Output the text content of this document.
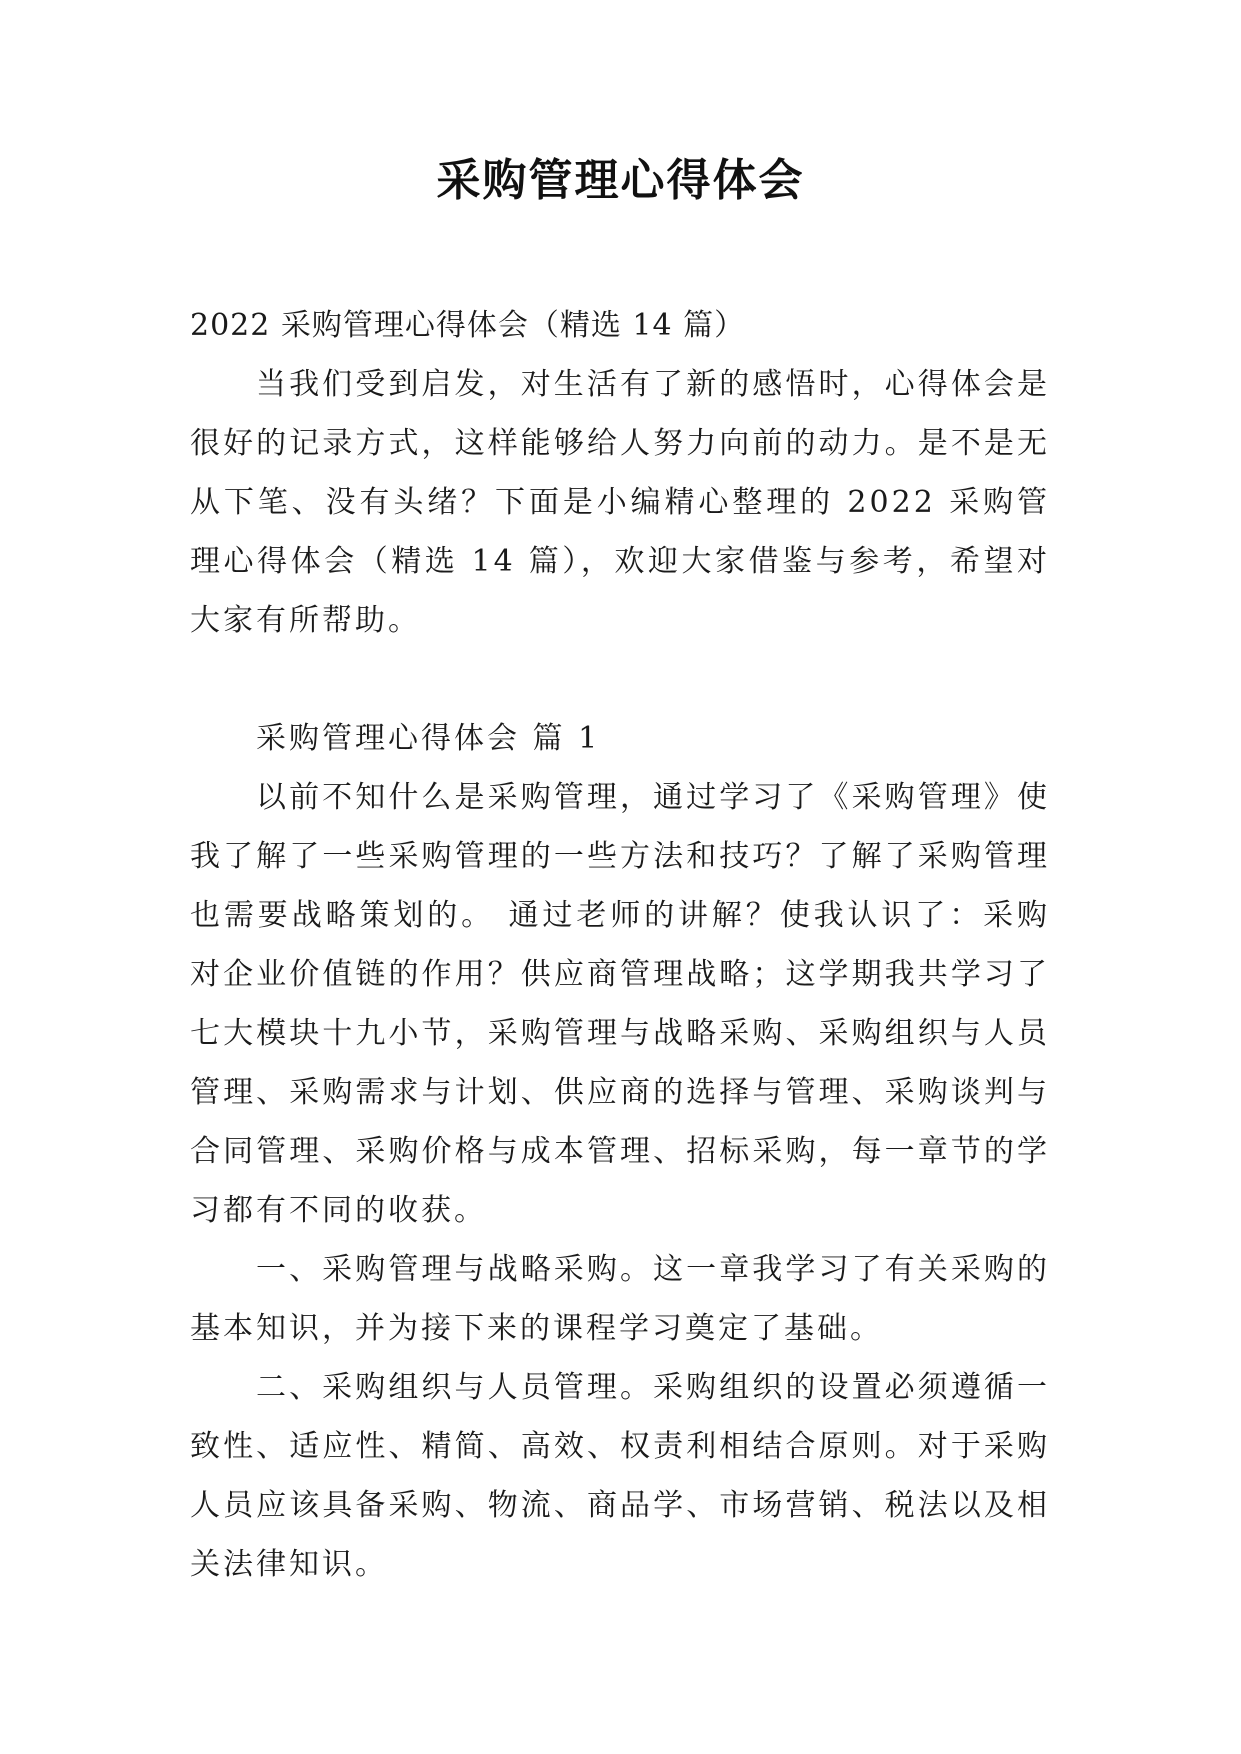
采购管理心得体会

2022 采购管理心得体会（精选 14 篇）

当我们受到启发，对生活有了新的感悟时，心得体会是很好的记录方式，这样能够给人努力向前的动力。是不是无从下笔、没有头绪？下面是小编精心整理的 2022 采购管理心得体会（精选 14 篇），欢迎大家借鉴与参考，希望对大家有所帮助。

采购管理心得体会 篇 1

以前不知什么是采购管理，通过学习了《采购管理》使我了解了一些采购管理的一些方法和技巧？了解了采购管理也需要战略策划的。 通过老师的讲解？使我认识了：采购对企业价值链的作用？供应商管理战略；这学期我共学习了七大模块十九小节，采购管理与战略采购、采购组织与人员管理、采购需求与计划、供应商的选择与管理、采购谈判与合同管理、采购价格与成本管理、招标采购，每一章节的学习都有不同的收获。

一、采购管理与战略采购。这一章我学习了有关采购的基本知识，并为接下来的课程学习奠定了基础。

二、采购组织与人员管理。采购组织的设置必须遵循一致性、适应性、精简、高效、权责利相结合原则。对于采购人员应该具备采购、物流、商品学、市场营销、税法以及相关法律知识。
